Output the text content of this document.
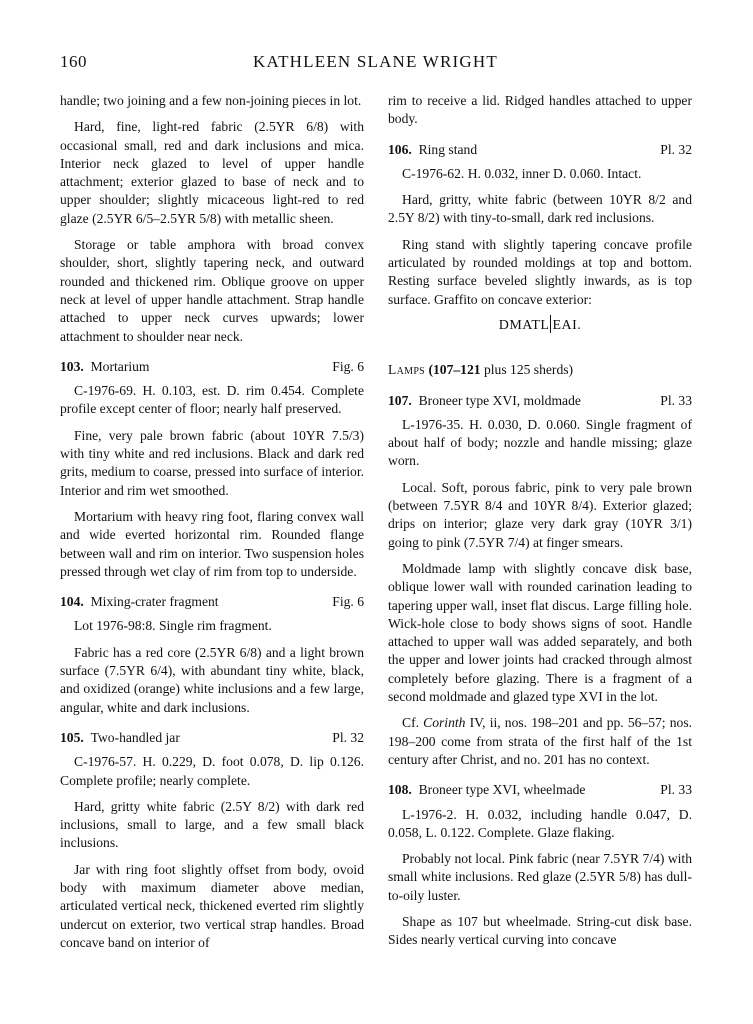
160	KATHLEEN SLANE WRIGHT

handle; two joining and a few non-joining pieces in lot.

Hard, fine, light-red fabric (2.5YR 6/8) with occasional small, red and dark inclusions and mica. Interior neck glazed to level of upper handle attachment; exterior glazed to base of neck and to upper shoulder; slightly micaceous light-red to red glaze (2.5YR 6/5–2.5YR 5/8) with metallic sheen.

Storage or table amphora with broad convex shoulder, short, slightly tapering neck, and outward rounded and thickened rim. Oblique groove on upper neck at level of upper handle attachment. Strap handle attached to upper neck curves upwards; lower attachment to shoulder near neck.

103. Mortarium	Fig. 6

C-1976-69. H. 0.103, est. D. rim 0.454. Complete profile except center of floor; nearly half preserved.

Fine, very pale brown fabric (about 10YR 7.5/3) with tiny white and red inclusions. Black and dark red grits, medium to coarse, pressed into surface of interior. Interior and rim wet smoothed.

Mortarium with heavy ring foot, flaring convex wall and wide everted horizontal rim. Rounded flange between wall and rim on interior. Two suspension holes pressed through wet clay of rim from top to underside.

104. Mixing-crater fragment	Fig. 6

Lot 1976-98:8. Single rim fragment.

Fabric has a red core (2.5YR 6/8) and a light brown surface (7.5YR 6/4), with abundant tiny white, black, and oxidized (orange) white inclusions and a few large, angular, white and dark inclusions.

105. Two-handled jar	Pl. 32

C-1976-57. H. 0.229, D. foot 0.078, D. lip 0.126. Complete profile; nearly complete.

Hard, gritty white fabric (2.5Y 8/2) with dark red inclusions, small to large, and a few small black inclusions.

Jar with ring foot slightly offset from body, ovoid body with maximum diameter above median, articulated vertical neck, thickened everted rim slightly undercut on exterior, two vertical strap handles. Broad concave band on interior of

rim to receive a lid. Ridged handles attached to upper body.

106. Ring stand	Pl. 32

C-1976-62. H. 0.032, inner D. 0.060. Intact.

Hard, gritty, white fabric (between 10YR 8/2 and 2.5Y 8/2) with tiny-to-small, dark red inclusions.

Ring stand with slightly tapering concave profile articulated by rounded moldings at top and bottom. Resting surface beveled slightly inwards, as is top surface. Graffito on concave exterior:

DMATL EAI.
Lamps (107–121 plus 125 sherds)
107. Broneer type XVI, moldmade	Pl. 33

L-1976-35. H. 0.030, D. 0.060. Single fragment of about half of body; nozzle and handle missing; glaze worn.

Local. Soft, porous fabric, pink to very pale brown (between 7.5YR 8/4 and 10YR 8/4). Exterior glazed; drips on interior; glaze very dark gray (10YR 3/1) going to pink (7.5YR 7/4) at finger smears.

Moldmade lamp with slightly concave disk base, oblique lower wall with rounded carination leading to tapering upper wall, inset flat discus. Large filling hole. Wick-hole close to body shows signs of soot. Handle attached to upper wall was added separately, and both the upper and lower joints had cracked through almost completely before glazing. There is a fragment of a second moldmade and glazed type XVI in the lot.

Cf. Corinth IV, ii, nos. 198–201 and pp. 56–57; nos. 198–200 come from strata of the first half of the 1st century after Christ, and no. 201 has no context.

108. Broneer type XVI, wheelmade	Pl. 33

L-1976-2. H. 0.032, including handle 0.047, D. 0.058, L. 0.122. Complete. Glaze flaking.

Probably not local. Pink fabric (near 7.5YR 7/4) with small white inclusions. Red glaze (2.5YR 5/8) has dull-to-oily luster.

Shape as 107 but wheelmade. String-cut disk base. Sides nearly vertical curving into concave
